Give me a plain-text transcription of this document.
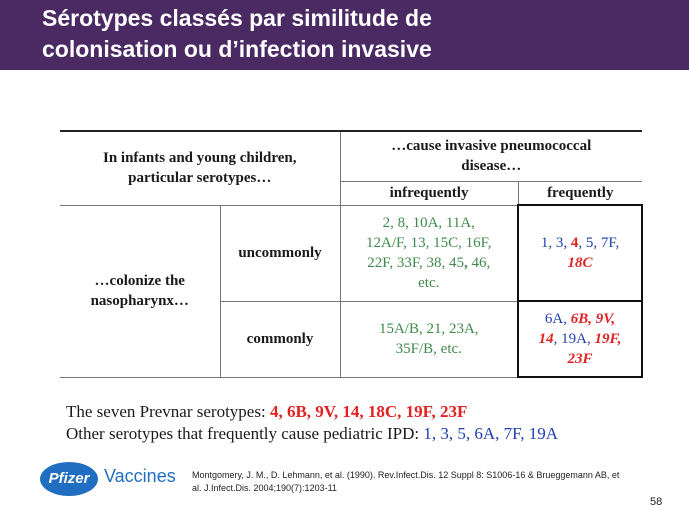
Sérotypes classés par similitude de
colonisation ou d’infection invasive

In infants and young children,
particular serotypes…		…cause invasive pneumococcal
disease…	
		infrequently	frequently
…colonize the
nasopharynx…	uncommonly	2, 8, 10A, 11A,
12A/F, 13, 15C, 16F,
22F, 33F, 38, 45, 46,
etc.	1, 3, 4, 5, 7F,
18C
	commonly	15A/B, 21, 23A,
35F/B, etc.	6A, 6B, 9V,
14, 19A, 19F,
23F
The seven Prevnar serotypes: 4, 6B, 9V, 14, 18C, 19F, 23F
Other serotypes that frequently cause pediatric IPD: 1, 3, 5, 6A, 7F, 19A
Pfizer Vaccines Montgomery, J. M., D. Lehmann, et al. (1990). Rev.Infect.Dis. 12 Suppl 8: S1006-16 & Brueggemann AB, et
al. J.Infect.Dis. 2004;190(7):1203-11
58
